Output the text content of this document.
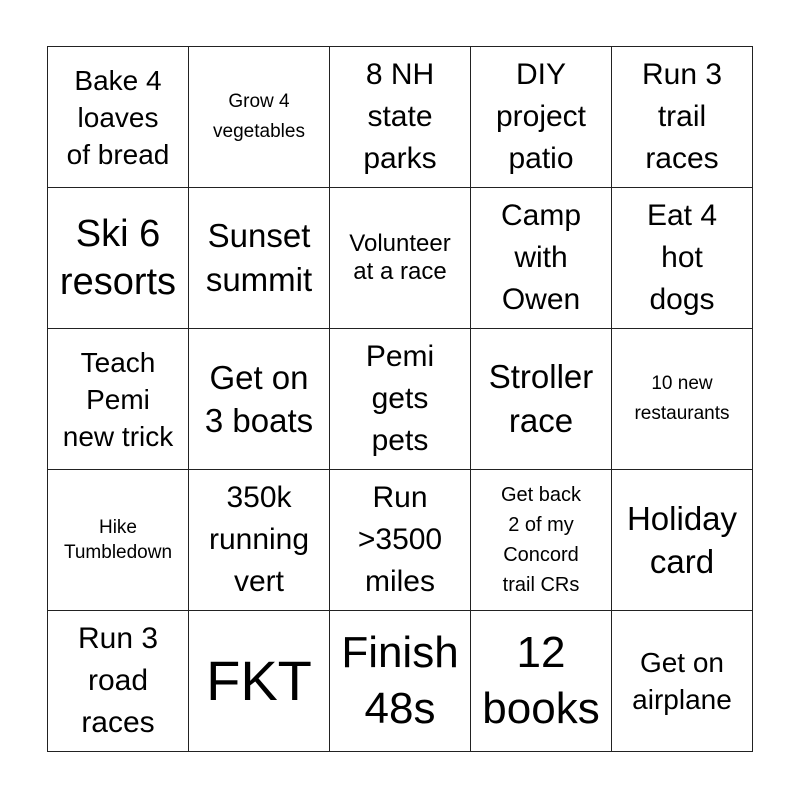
Bake 4
loaves
of bread
Grow 4
vegetables
8 NH
state
parks
DIY
project
patio
Run 3
trail
races
Ski 6
resorts
Sunset
summit
Volunteer
at a race
Camp
with
Owen
Eat 4
hot
dogs
Teach
Pemi
new trick
Get on
3 boats
Pemi
gets
pets
Stroller
race
10 new
restaurants
Hike
Tumbledown
350k
running
vert
Run
>3500
miles
Get back
2 of my
Concord
trail CRs
Holiday
card
Run 3
road
races
FKT Finish
48s
12
books
Get on
airplane
